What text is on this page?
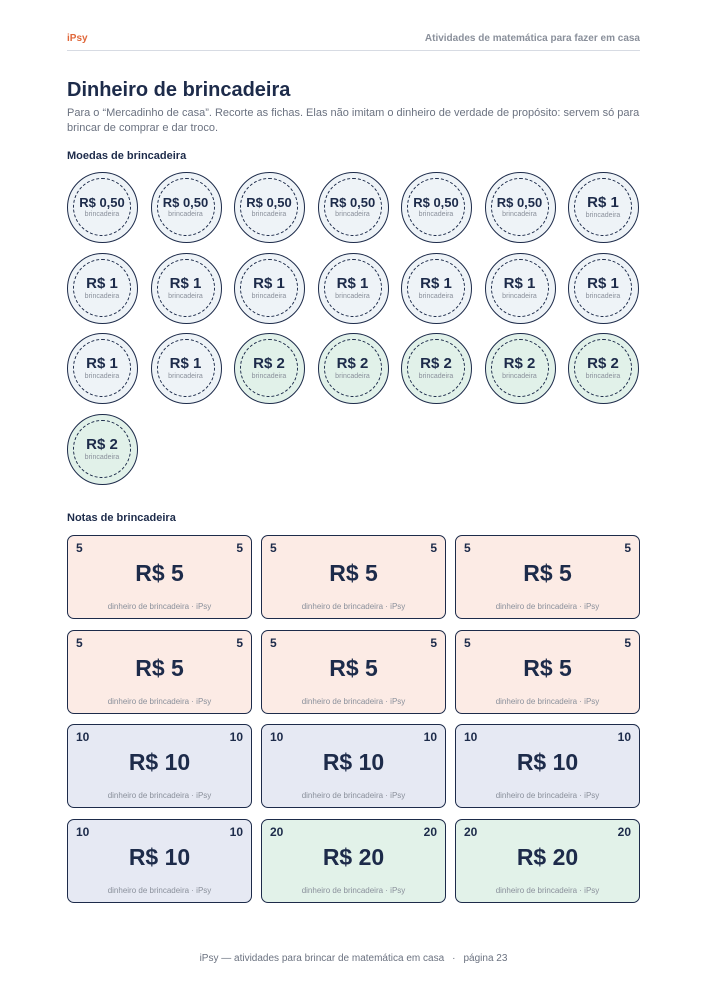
iPsy	Atividades de matemática para fazer em casa
Dinheiro de brincadeira

Para o “Mercadinho de casa”. Recorte as fichas. Elas não imitam o dinheiro de verdade de propósito: servem só para brincar de comprar e dar troco.

Moedas de brincadeira
R$ 0,50
brincadeira
R$ 0,50
brincadeira
R$ 0,50
brincadeira
R$ 0,50
brincadeira
R$ 0,50
brincadeira
R$ 0,50
brincadeira
R$ 1
brincadeira
R$ 1
brincadeira
R$ 1
brincadeira
R$ 1
brincadeira
R$ 1
brincadeira
R$ 1
brincadeira
R$ 1
brincadeira
R$ 1
brincadeira
R$ 1
brincadeira
R$ 1
brincadeira
R$ 2
brincadeira
R$ 2
brincadeira
R$ 2
brincadeira
R$ 2
brincadeira
R$ 2
brincadeira
R$ 2
brincadeira
Notas de brincadeira
5	5
R$ 5
dinheiro de brincadeira · iPsy
5	5
R$ 5
dinheiro de brincadeira · iPsy
5	5
R$ 5
dinheiro de brincadeira · iPsy
5	5
R$ 5
dinheiro de brincadeira · iPsy
5	5
R$ 5
dinheiro de brincadeira · iPsy
5	5
R$ 5
dinheiro de brincadeira · iPsy
10	10
R$ 10
dinheiro de brincadeira · iPsy
10	10
R$ 10
dinheiro de brincadeira · iPsy
10	10
R$ 10
dinheiro de brincadeira · iPsy
10	10
R$ 10
dinheiro de brincadeira · iPsy
20	20
R$ 20
dinheiro de brincadeira · iPsy
20	20
R$ 20
dinheiro de brincadeira · iPsy
iPsy — atividades para brincar de matemática em casa · página 23
